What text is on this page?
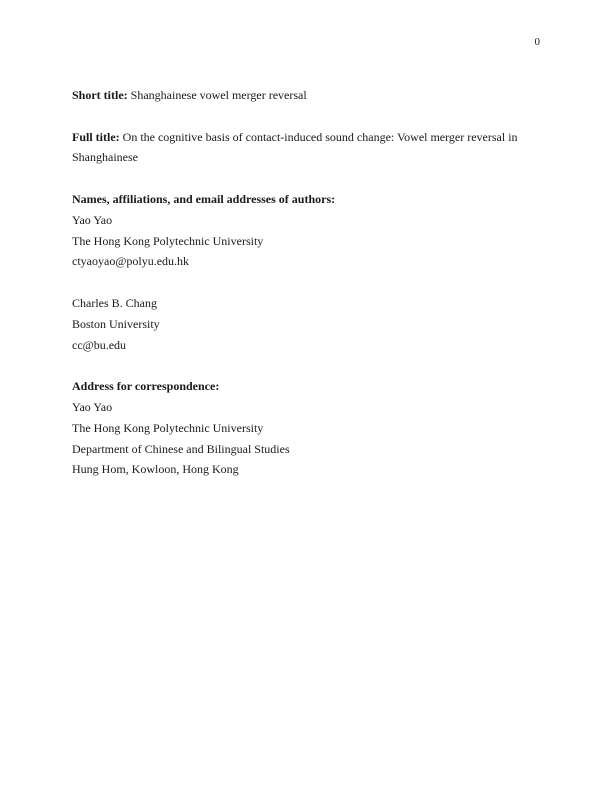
0

Short title: Shanghainese vowel merger reversal

Full title: On the cognitive basis of contact-induced sound change: Vowel merger reversal in
Shanghainese

Names, affiliations, and email addresses of authors:
Yao Yao
The Hong Kong Polytechnic University
ctyaoyao@polyu.edu.hk
Charles B. Chang
Boston University
cc@bu.edu
Address for correspondence:
Yao Yao
The Hong Kong Polytechnic University
Department of Chinese and Bilingual Studies
Hung Hom, Kowloon, Hong Kong
